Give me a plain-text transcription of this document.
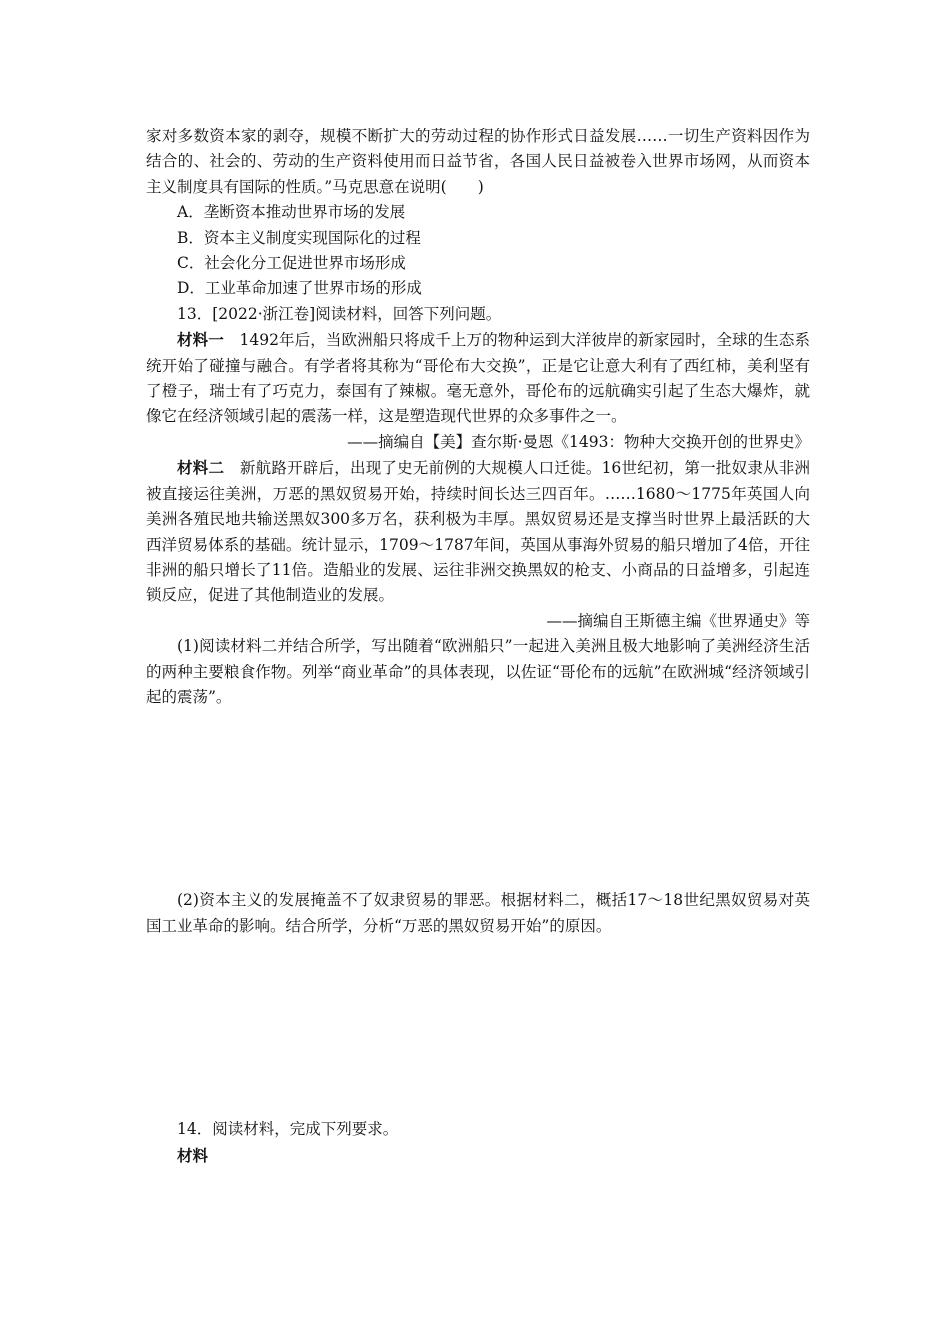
家对多数资本家的剥夺，规模不断扩大的劳动过程的协作形式日益发展……一切生产资料因作为结合的、社会的、劳动的生产资料使用而日益节省，各国人民日益被卷入世界市场网，从而资本主义制度具有国际的性质。”马克思意在说明(　　)

A．垄断资本推动世界市场的发展

B．资本主义制度实现国际化的过程

C．社会化分工促进世界市场形成

D．工业革命加速了世界市场的形成

13．[2022·浙江卷]阅读材料，回答下列问题。

材料一　1492年后，当欧洲船只将成千上万的物种运到大洋彼岸的新家园时，全球的生态系统开始了碰撞与融合。有学者将其称为“哥伦布大交换”，正是它让意大利有了西红柿，美利坚有了橙子，瑞士有了巧克力，泰国有了辣椒。毫无意外，哥伦布的远航确实引起了生态大爆炸，就像它在经济领域引起的震荡一样，这是塑造现代世界的众多事件之一。

——摘编自【美】查尔斯·曼恩《1493：物种大交换开创的世界史》

材料二　新航路开辟后，出现了史无前例的大规模人口迁徙。16世纪初，第一批奴隶从非洲被直接运往美洲，万恶的黑奴贸易开始，持续时间长达三四百年。……1680～1775年英国人向美洲各殖民地共输送黑奴300多万名，获利极为丰厚。黑奴贸易还是支撑当时世界上最活跃的大西洋贸易体系的基础。统计显示，1709～1787年间，英国从事海外贸易的船只增加了4倍，开往非洲的船只增长了11倍。造船业的发展、运往非洲交换黑奴的枪支、小商品的日益增多，引起连锁反应，促进了其他制造业的发展。

——摘编自王斯德主编《世界通史》等

(1)阅读材料二并结合所学，写出随着“欧洲船只”一起进入美洲且极大地影响了美洲经济生活的两种主要粮食作物。列举“商业革命”的具体表现，以佐证“哥伦布的远航”在欧洲城“经济领域引起的震荡”。

(2)资本主义的发展掩盖不了奴隶贸易的罪恶。根据材料二，概括17～18世纪黑奴贸易对英国工业革命的影响。结合所学，分析“万恶的黑奴贸易开始”的原因。

14．阅读材料，完成下列要求。

材料
